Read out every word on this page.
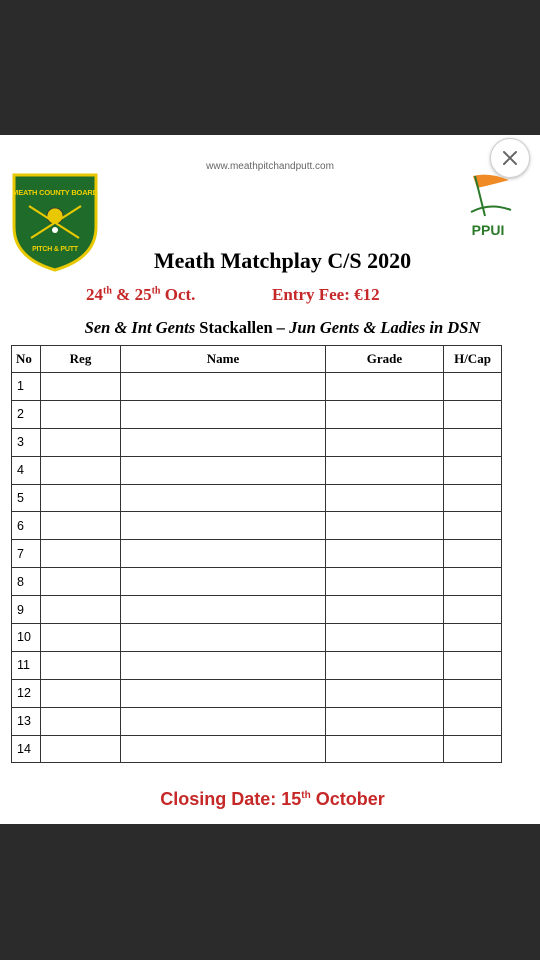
www.meathpitchandputt.com
MEATH COUNTY BOARD
PITCH & PUTT
PPUI
Meath Matchplay C/S 2020
24th & 25th Oct.	Entry Fee: €12
Sen & Int Gents Stackallen – Jun Gents & Ladies in DSN
No	Reg	Name	Grade	H/Cap
1				
2				
3				
4				
5				
6				
7				
8				
9				
10				
11				
12				
13				
14				
Closing Date: 15th October
